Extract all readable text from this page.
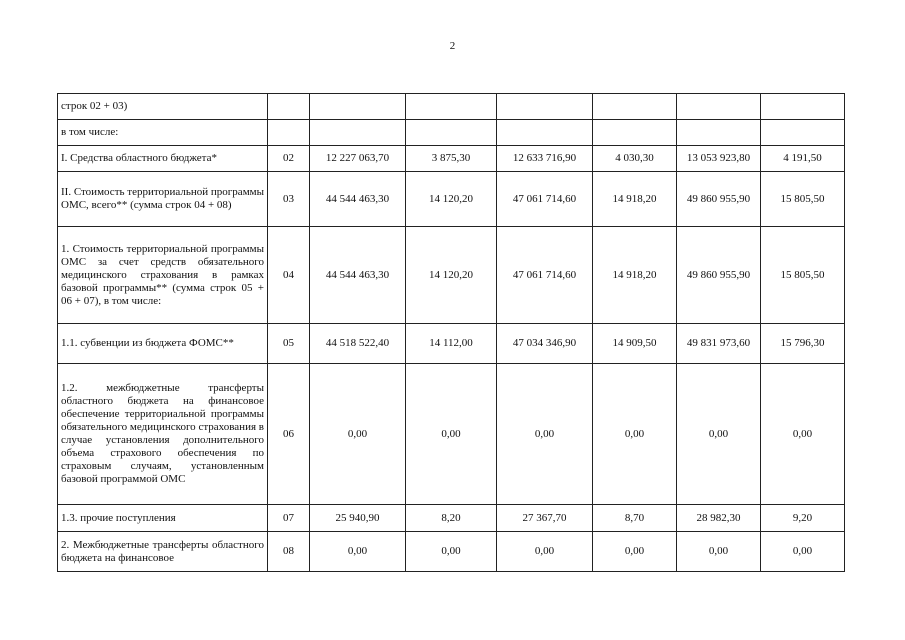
2
строк 02 + 03)							
в том числе:							
I. Средства областного бюджета*	02	12 227 063,70	3 875,30	12 633 716,90	4 030,30	13 053 923,80	4 191,50
II. Стоимость территориальной программы ОМС, всего** (сумма строк 04 + 08)	03	44 544 463,30	14 120,20	47 061 714,60	14 918,20	49 860 955,90	15 805,50
1. Стоимость территориальной программы ОМС за счет средств обязательного медицинского страхования в рамках базовой программы** (сумма строк 05 + 06 + 07), в том числе:	04	44 544 463,30	14 120,20	47 061 714,60	14 918,20	49 860 955,90	15 805,50
1.1. субвенции из бюджета ФОМС**	05	44 518 522,40	14 112,00	47 034 346,90	14 909,50	49 831 973,60	15 796,30
1.2. межбюджетные трансферты областного бюджета на финансовое обеспечение территориальной программы обязательного медицинского страхования в случае установления дополнительного объема страхового обеспечения по страховым случаям, установленным базовой программой ОМС	06	0,00	0,00	0,00	0,00	0,00	0,00
1.3. прочие поступления	07	25 940,90	8,20	27 367,70	8,70	28 982,30	9,20
2. Межбюджетные трансферты областного бюджета на финансовое	08	0,00	0,00	0,00	0,00	0,00	0,00
